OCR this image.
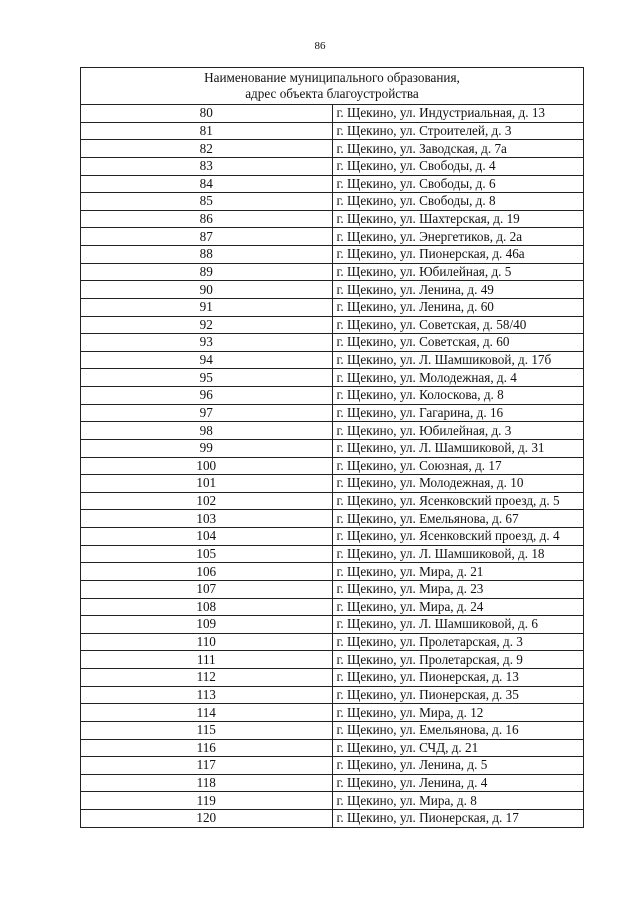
86
Наименование муниципального образования,
адрес объекта благоустройства	

80	г. Щекино, ул. Индустриальная, д. 13
81	г. Щекино, ул. Строителей, д. 3
82	г. Щекино, ул. Заводская, д. 7а
83	г. Щекино, ул. Свободы, д. 4
84	г. Щекино, ул. Свободы, д. 6
85	г. Щекино, ул. Свободы, д. 8
86	г. Щекино, ул. Шахтерская, д. 19
87	г. Щекино, ул. Энергетиков, д. 2а
88	г. Щекино, ул. Пионерская, д. 46а
89	г. Щекино, ул. Юбилейная, д. 5
90	г. Щекино, ул. Ленина, д. 49
91	г. Щекино, ул. Ленина, д. 60
92	г. Щекино, ул. Советская, д. 58/40
93	г. Щекино, ул. Советская, д. 60
94	г. Щекино, ул. Л. Шамшиковой, д. 17б
95	г. Щекино, ул. Молодежная, д. 4
96	г. Щекино, ул. Колоскова, д. 8
97	г. Щекино, ул. Гагарина, д. 16
98	г. Щекино, ул. Юбилейная, д. 3
99	г. Щекино, ул. Л. Шамшиковой, д. 31
100	г. Щекино, ул. Союзная, д. 17
101	г. Щекино, ул. Молодежная, д. 10
102	г. Щекино, ул. Ясенковский проезд, д. 5
103	г. Щекино, ул. Емельянова, д. 67
104	г. Щекино, ул. Ясенковский проезд, д. 4
105	г. Щекино, ул. Л. Шамшиковой, д. 18
106	г. Щекино, ул. Мира, д. 21
107	г. Щекино, ул. Мира, д. 23
108	г. Щекино, ул. Мира, д. 24
109	г. Щекино, ул. Л. Шамшиковой, д. 6
110	г. Щекино, ул. Пролетарская, д. 3
111	г. Щекино, ул. Пролетарская, д. 9
112	г. Щекино, ул. Пионерская, д. 13
113	г. Щекино, ул. Пионерская, д. 35
114	г. Щекино, ул. Мира, д. 12
115	г. Щекино, ул. Емельянова, д. 16
116	г. Щекино, ул. СЧД, д. 21
117	г. Щекино, ул. Ленина, д. 5
118	г. Щекино, ул. Ленина, д. 4
119	г. Щекино, ул. Мира, д. 8
120	г. Щекино, ул. Пионерская, д. 17
